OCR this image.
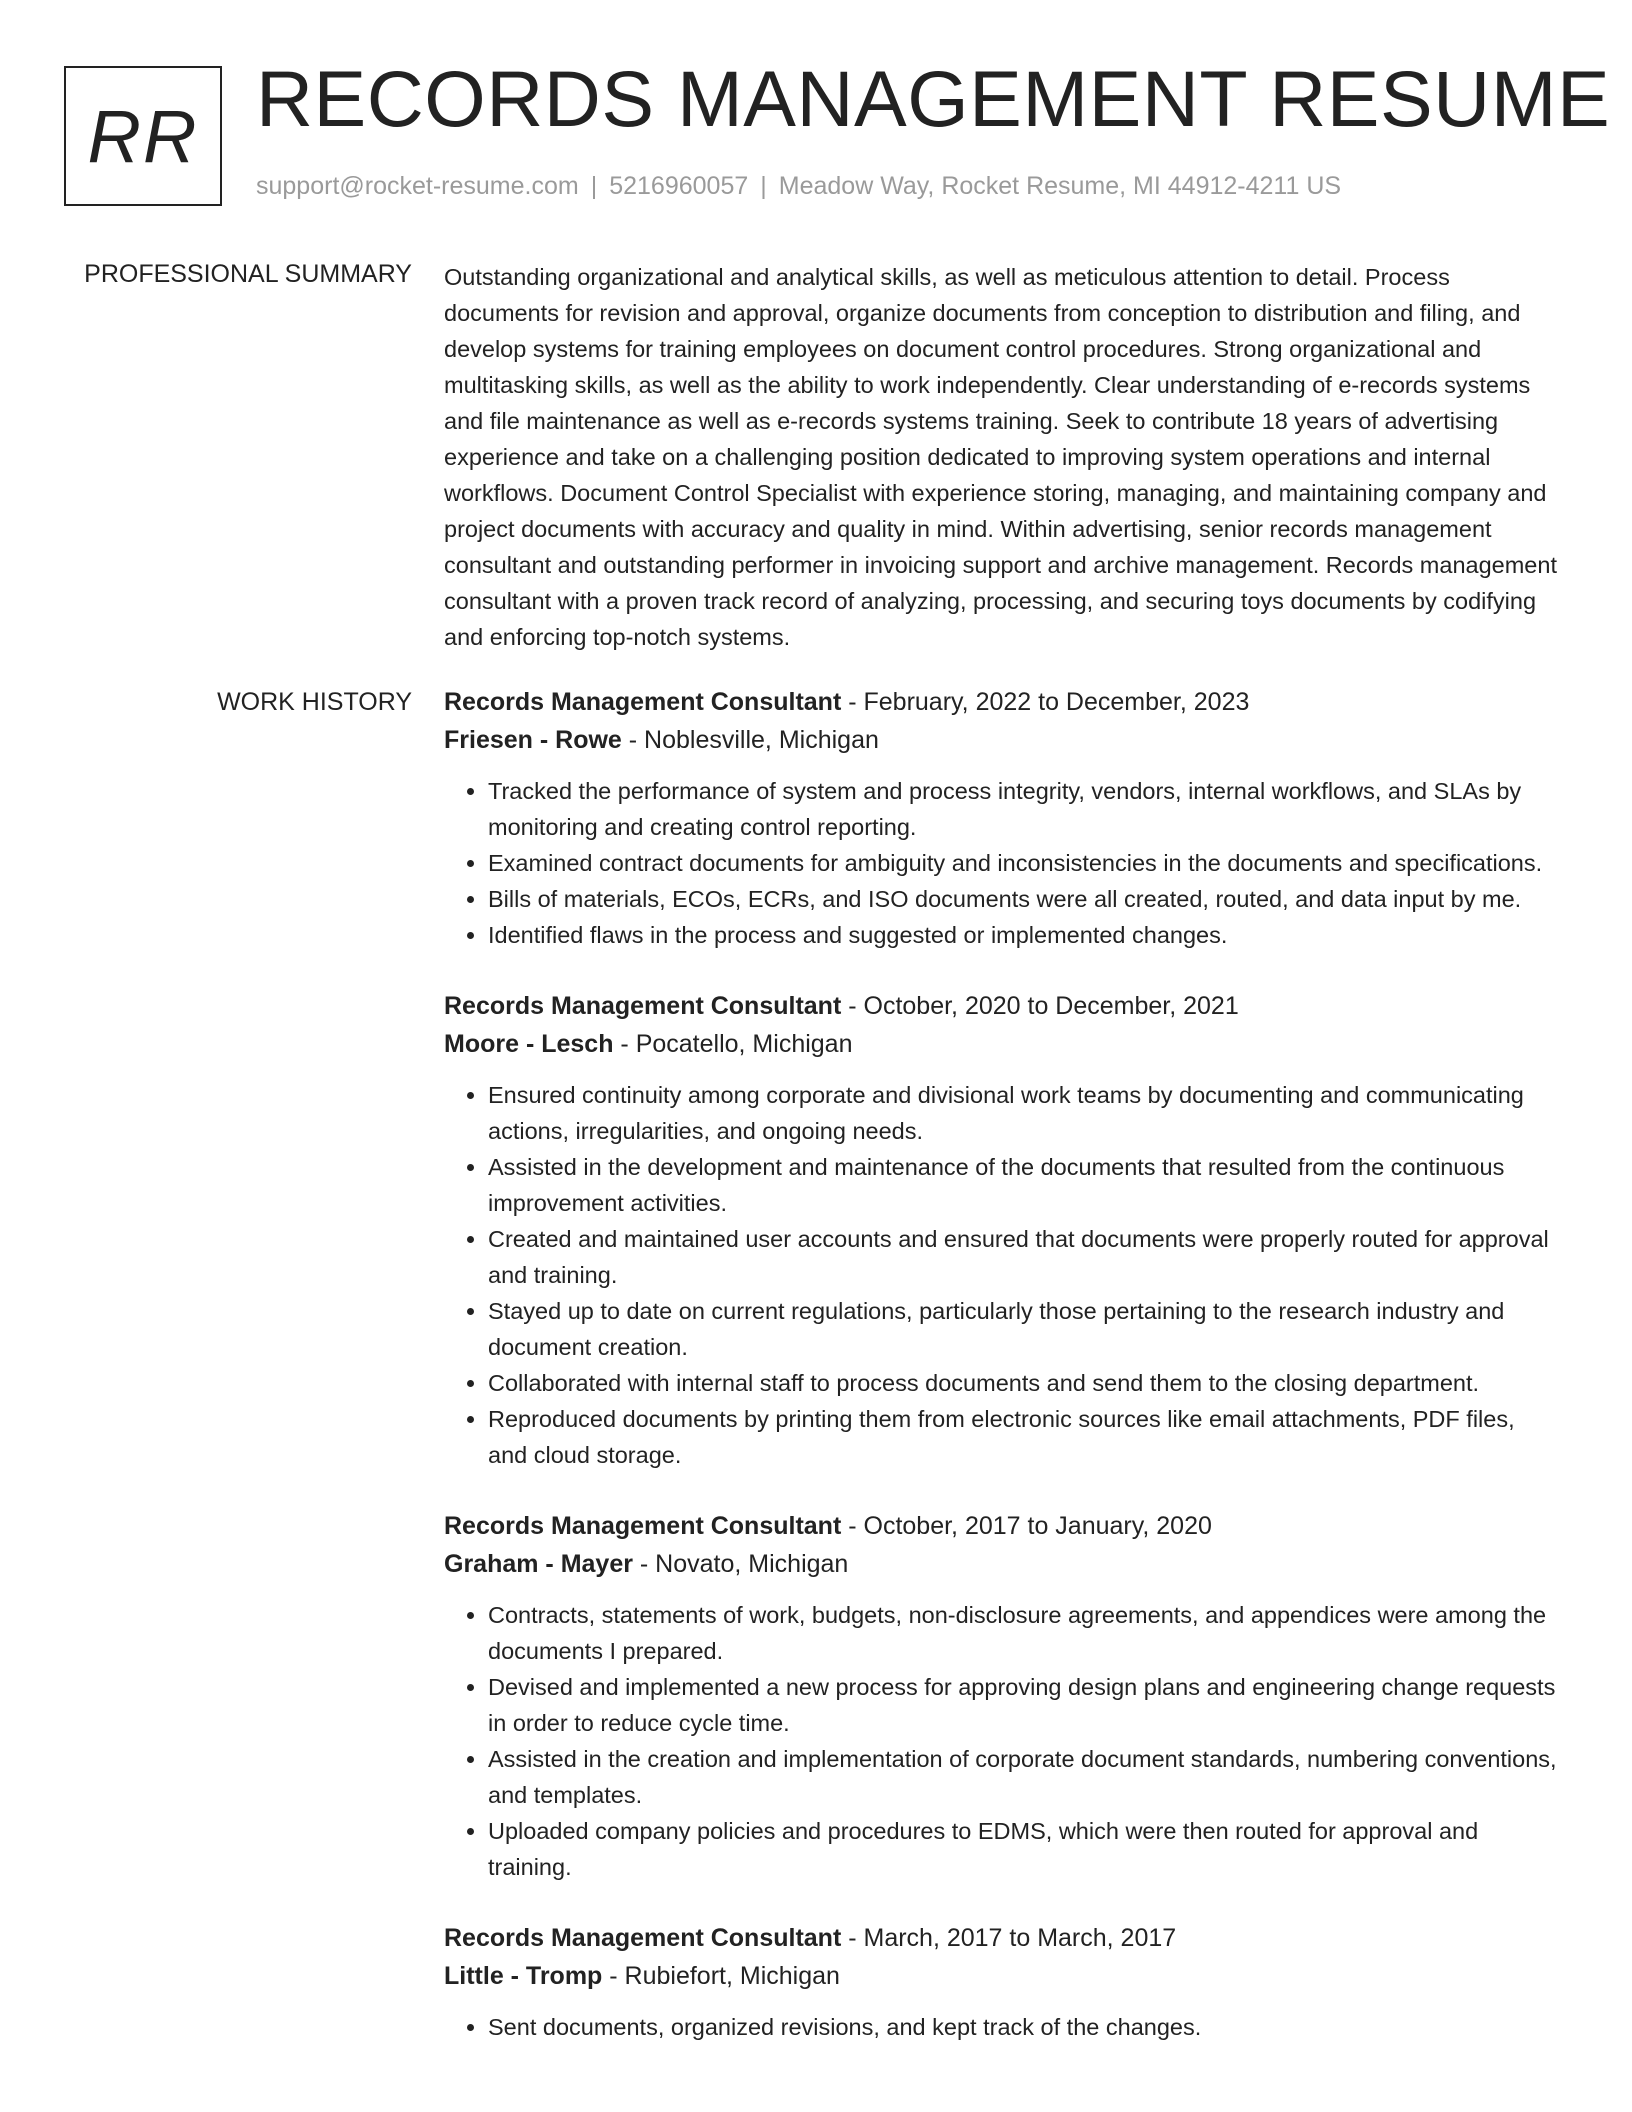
RR RECORDS MANAGEMENT RESUME
support@rocket-resume.com | 5216960057 | Meadow Way, Rocket Resume, MI 44912-4211 US
PROFESSIONAL SUMMARY Outstanding organizational and analytical skills, as well as meticulous attention to detail. Process documents for revision and approval, organize documents from conception to distribution and filing, and develop systems for training employees on document control procedures. Strong organizational and multitasking skills, as well as the ability to work independently. Clear understanding of e-records systems and file maintenance as well as e-records systems training. Seek to contribute 18 years of advertising experience and take on a challenging position dedicated to improving system operations and internal workflows. Document Control Specialist with experience storing, managing, and maintaining company and project documents with accuracy and quality in mind. Within advertising, senior records management consultant and outstanding performer in invoicing support and archive management. Records management consultant with a proven track record of analyzing, processing, and securing toys documents by codifying and enforcing top-notch systems.

WORK HISTORY Records Management Consultant - February, 2022 to December, 2023
Friesen - Rowe - Noblesville, Michigan
• Tracked the performance of system and process integrity, vendors, internal workflows, and SLAs by monitoring and creating control reporting.
• Examined contract documents for ambiguity and inconsistencies in the documents and specifications.
• Bills of materials, ECOs, ECRs, and ISO documents were all created, routed, and data input by me.
• Identified flaws in the process and suggested or implemented changes.
Records Management Consultant - October, 2020 to December, 2021
Moore - Lesch - Pocatello, Michigan
• Ensured continuity among corporate and divisional work teams by documenting and communicating actions, irregularities, and ongoing needs.
• Assisted in the development and maintenance of the documents that resulted from the continuous improvement activities.
• Created and maintained user accounts and ensured that documents were properly routed for approval and training.
• Stayed up to date on current regulations, particularly those pertaining to the research industry and document creation.
• Collaborated with internal staff to process documents and send them to the closing department.
• Reproduced documents by printing them from electronic sources like email attachments, PDF files, and cloud storage.
Records Management Consultant - October, 2017 to January, 2020
Graham - Mayer - Novato, Michigan
• Contracts, statements of work, budgets, non-disclosure agreements, and appendices were among the documents I prepared.
• Devised and implemented a new process for approving design plans and engineering change requests in order to reduce cycle time.
• Assisted in the creation and implementation of corporate document standards, numbering conventions, and templates.
• Uploaded company policies and procedures to EDMS, which were then routed for approval and training.
Records Management Consultant - March, 2017 to March, 2017
Little - Tromp - Rubiefort, Michigan
• Sent documents, organized revisions, and kept track of the changes.
